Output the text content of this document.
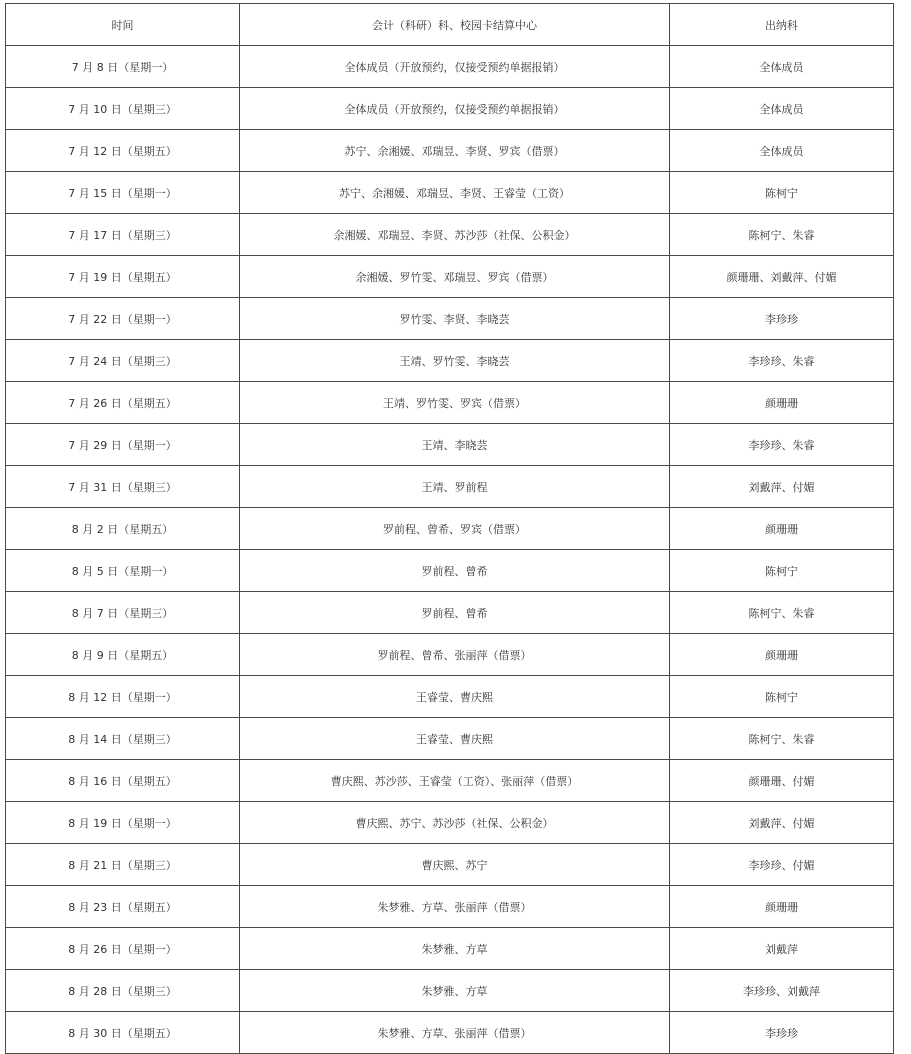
时间	会计（科研）科、校园卡结算中心	出纳科
7 月 8 日（星期一）	全体成员（开放预约，仅接受预约单据报销）	全体成员
7 月 10 日（星期三）	全体成员（开放预约，仅接受预约单据报销）	全体成员
7 月 12 日（星期五）	苏宁、余湘媛、邓瑞昱、李贤、罗宾（借票）	全体成员
7 月 15 日（星期一）	苏宁、余湘媛、邓瑞昱、李贤、王睿莹（工资）	陈柯宁
7 月 17 日（星期三）	余湘媛、邓瑞昱、李贤、苏沙莎（社保、公积金）	陈柯宁、朱睿
7 月 19 日（星期五）	余湘媛、罗竹雯、邓瑞昱、罗宾（借票）	颜珊珊、刘戴萍、付媚
7 月 22 日（星期一）	罗竹雯、李贤、李晓芸	李珍珍
7 月 24 日（星期三）	王靖、罗竹雯、李晓芸	李珍珍、朱睿
7 月 26 日（星期五）	王靖、罗竹雯、罗宾（借票）	颜珊珊
7 月 29 日（星期一）	王靖、李晓芸	李珍珍、朱睿
7 月 31 日（星期三）	王靖、罗前程	刘戴萍、付媚
8 月 2 日（星期五）	罗前程、曾希、罗宾（借票）	颜珊珊
8 月 5 日（星期一）	罗前程、曾希	陈柯宁
8 月 7 日（星期三）	罗前程、曾希	陈柯宁、朱睿
8 月 9 日（星期五）	罗前程、曾希、张丽萍（借票）	颜珊珊
8 月 12 日（星期一）	王睿莹、曹庆熙	陈柯宁
8 月 14 日（星期三）	王睿莹、曹庆熙	陈柯宁、朱睿
8 月 16 日（星期五）	曹庆熙、苏沙莎、王睿莹（工资）、张丽萍（借票）	颜珊珊、付媚
8 月 19 日（星期一）	曹庆熙、苏宁、苏沙莎（社保、公积金）	刘戴萍、付媚
8 月 21 日（星期三）	曹庆熙、苏宁	李珍珍、付媚
8 月 23 日（星期五）	朱梦雅、方草、张丽萍（借票）	颜珊珊
8 月 26 日（星期一）	朱梦雅、方草	刘戴萍
8 月 28 日（星期三）	朱梦雅、方草	李珍珍、刘戴萍
8 月 30 日（星期五）	朱梦雅、方草、张丽萍（借票）	李珍珍
